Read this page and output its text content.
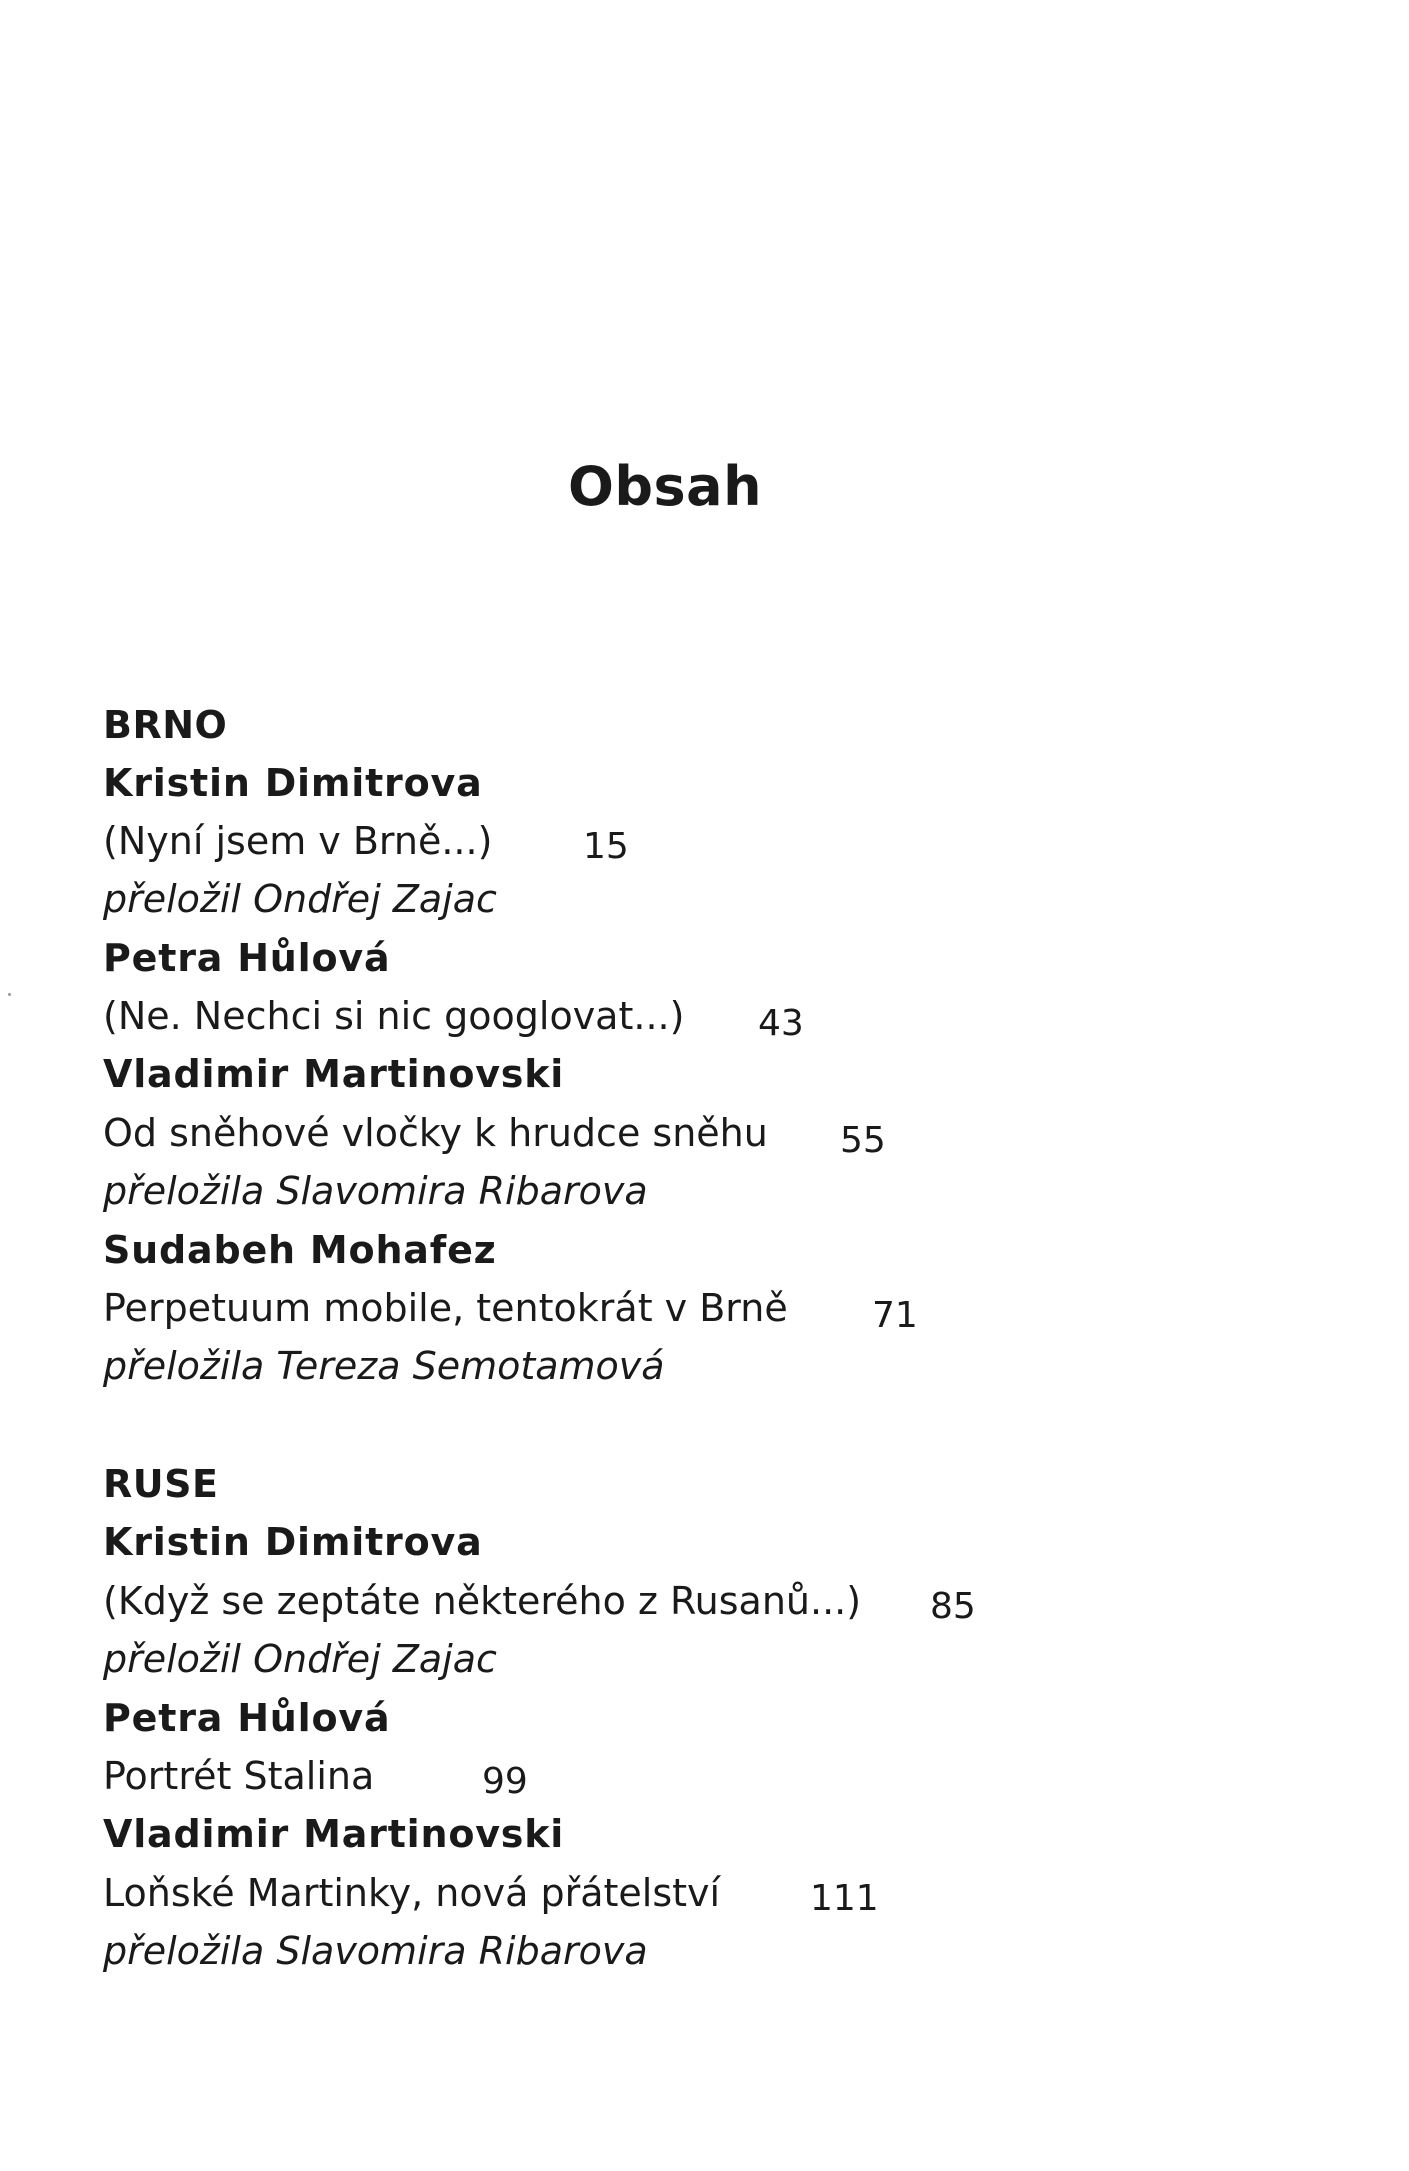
Obsah
BRNO
Kristin Dimitrova
(Nyní jsem v Brně...)	15
přeložil Ondřej Zajac
Petra Hůlová
(Ne. Nechci si nic googlovat...) 43
Vladimir Martinovski
Od sněhové vločky k hrudce sněhu 55
přeložila Slavomira Ribarova
Sudabeh Mohafez
Perpetuum mobile, tentokrát v Brně 71
přeložila Tereza Semotamová
RUSE
Kristin Dimitrova
(Když se zeptáte některého z Rusanů...) 85
přeložil Ondřej Zajac
Petra Hůlová
Portrét Stalina	99
Vladimir Martinovski
Loňské Martinky, nová přátelství 111
přeložila Slavomira Ribarova
